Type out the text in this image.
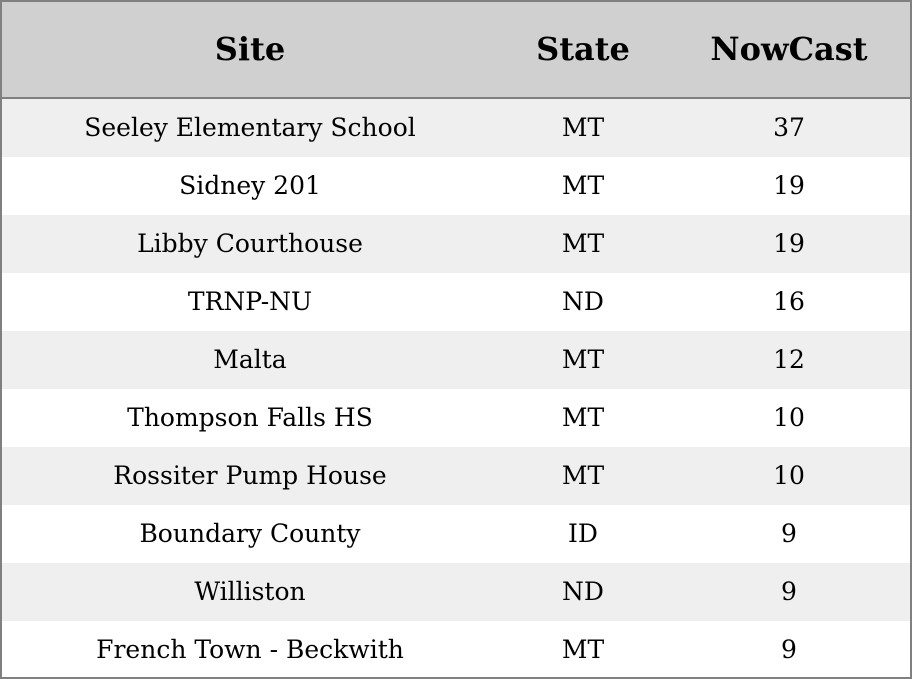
Site	State	NowCast
Seeley Elementary School	MT	37
Sidney 201	MT	19
Libby Courthouse	MT	19
TRNP-NU	ND	16
Malta	MT	12
Thompson Falls HS	MT	10
Rossiter Pump House	MT	10
Boundary County	ID	9
Williston	ND	9
French Town - Beckwith	MT	9
